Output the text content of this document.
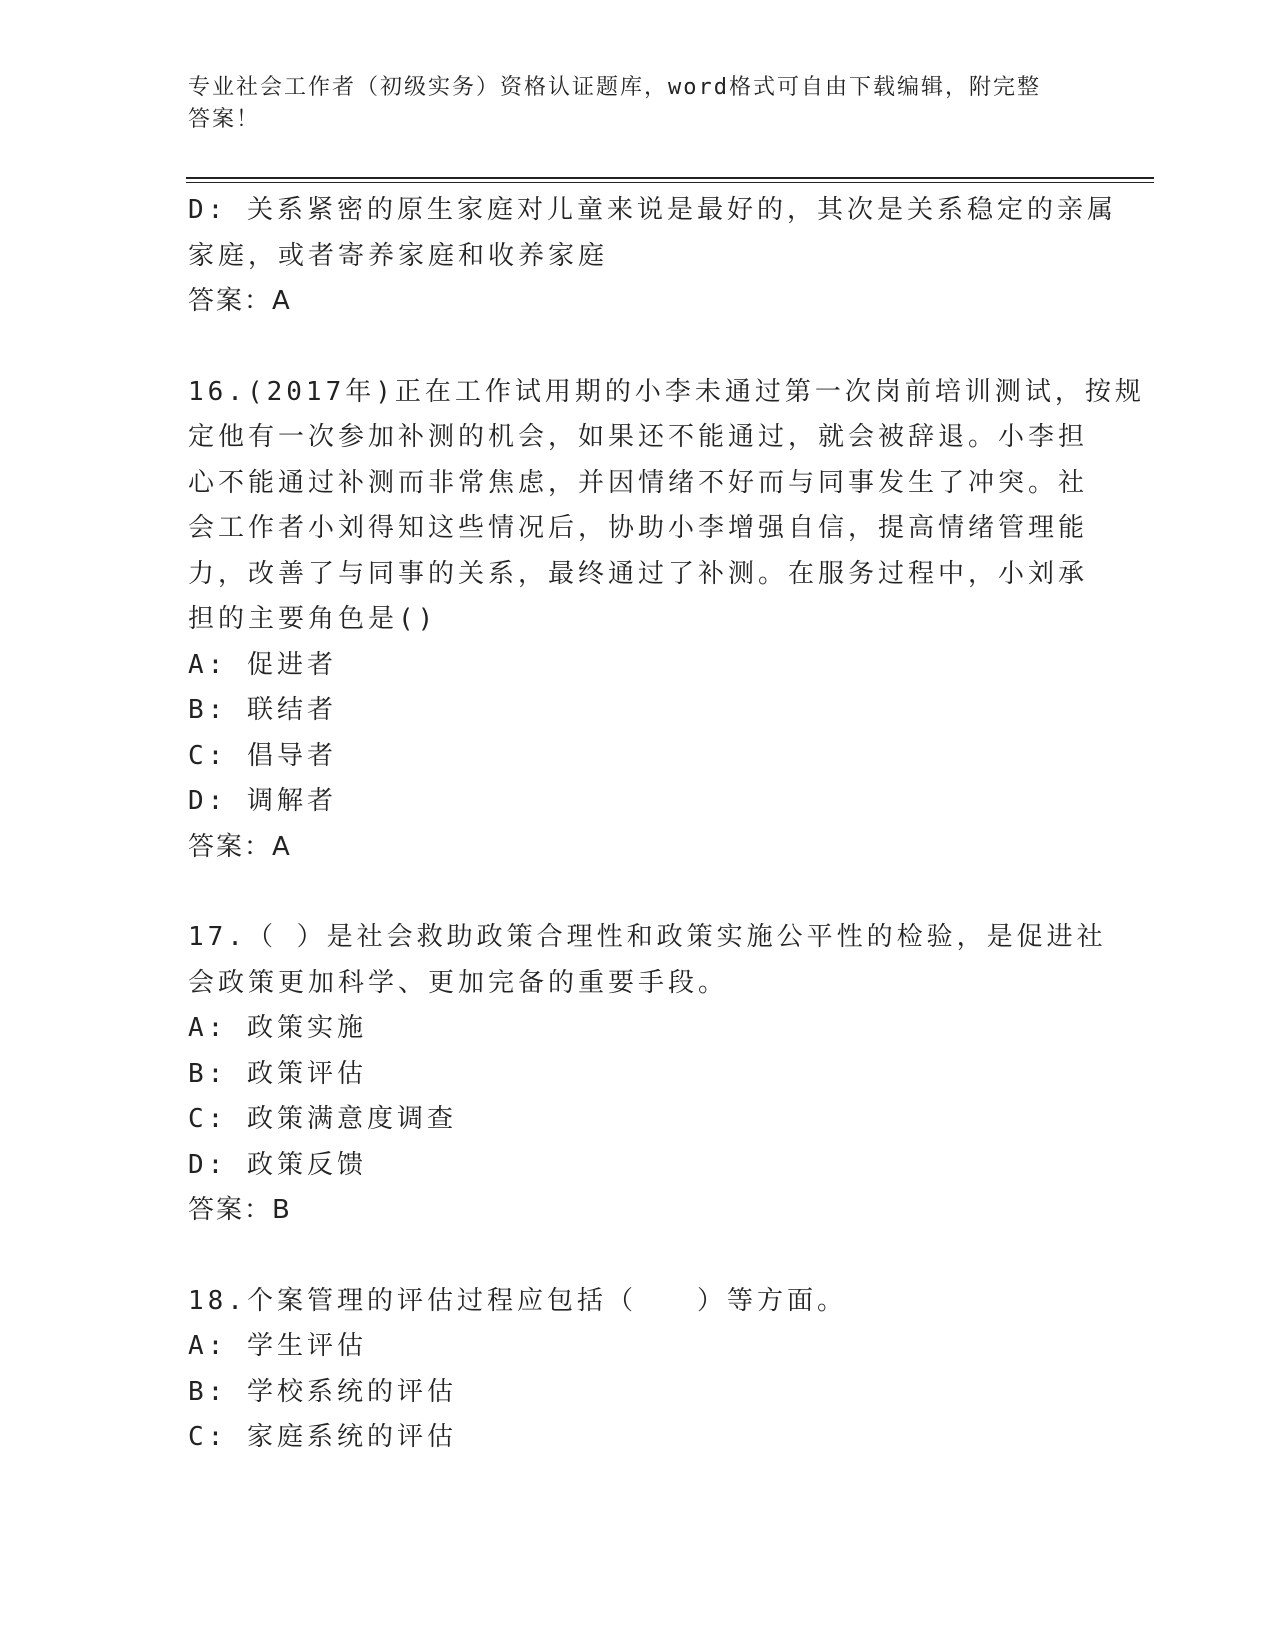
专业社会工作者（初级实务）资格认证题库，word格式可自由下载编辑，附完整
答案！
D: 关系紧密的原生家庭对儿童来说是最好的，其次是关系稳定的亲属
家庭，或者寄养家庭和收养家庭
答案：A
16.(2017年)正在工作试用期的小李未通过第一次岗前培训测试，按规
定他有一次参加补测的机会，如果还不能通过，就会被辞退。小李担
心不能通过补测而非常焦虑，并因情绪不好而与同事发生了冲突。社
会工作者小刘得知这些情况后，协助小李增强自信，提高情绪管理能
力，改善了与同事的关系，最终通过了补测。在服务过程中，小刘承
担的主要角色是()
A: 促进者
B: 联结者
C: 倡导者
D: 调解者
答案：A
17.（ ）是社会救助政策合理性和政策实施公平性的检验，是促进社
会政策更加科学、更加完备的重要手段。
A: 政策实施
B: 政策评估
C: 政策满意度调查
D: 政策反馈
答案：B
18.个案管理的评估过程应包括（　　）等方面。
A: 学生评估
B: 学校系统的评估
C: 家庭系统的评估
